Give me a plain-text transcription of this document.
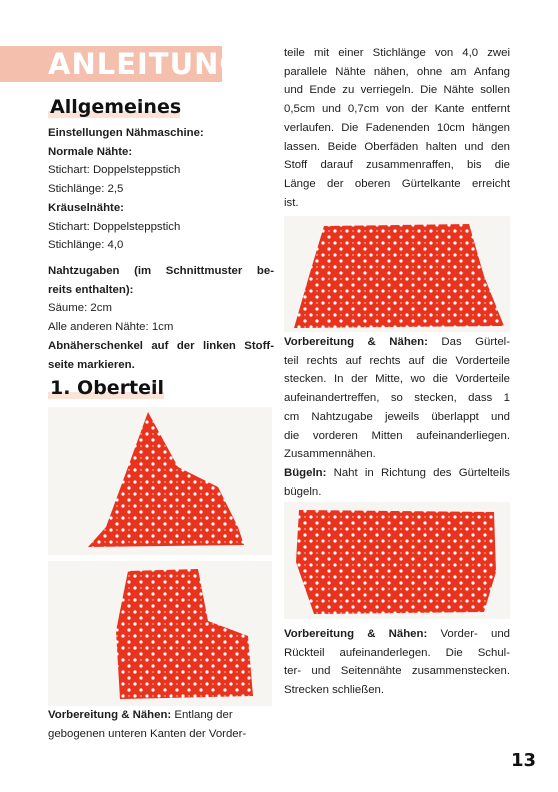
ANLEITUNG
Allgemeines
Einstellungen Nähmaschine:
Normale Nähte:
Stichart: Doppelsteppstich
Stichlänge: 2,5
Kräuselnähte:
Stichart: Doppelsteppstich
Stichlänge: 4,0
Nahtzugaben (im Schnittmuster be-
reits enthalten):
Säume: 2cm
Alle anderen Nähte: 1cm
Abnäherschenkel auf der linken Stoff-
seite markieren.
1. Oberteil
Vorbereitung & Nähen: Entlang der
gebogenen unteren Kanten der Vorder-
teile mit einer Stichlänge von 4,0 zwei
parallele Nähte nähen, ohne am Anfang
und Ende zu verriegeln. Die Nähte sollen
0,5cm und 0,7cm von der Kante entfernt
verlaufen. Die Fadenenden 10cm hängen
lassen. Beide Oberfäden halten und den
Stoff darauf zusammenraffen, bis die
Länge der oberen Gürtelkante erreicht
ist.
Vorbereitung & Nähen: Das Gürtel-
teil rechts auf rechts auf die Vorderteile
stecken. In der Mitte, wo die Vorderteile
aufeinandertreffen, so stecken, dass 1
cm Nahtzugabe jeweils überlappt und
die vorderen Mitten aufeinanderliegen.
Zusammennähen.
Bügeln: Naht in Richtung des Gürtelteils
bügeln.
Vorbereitung & Nähen: Vorder- und
Rückteil aufeinanderlegen. Die Schul-
ter- und Seitennähte zusammenstecken.
Strecken schließen.
13
